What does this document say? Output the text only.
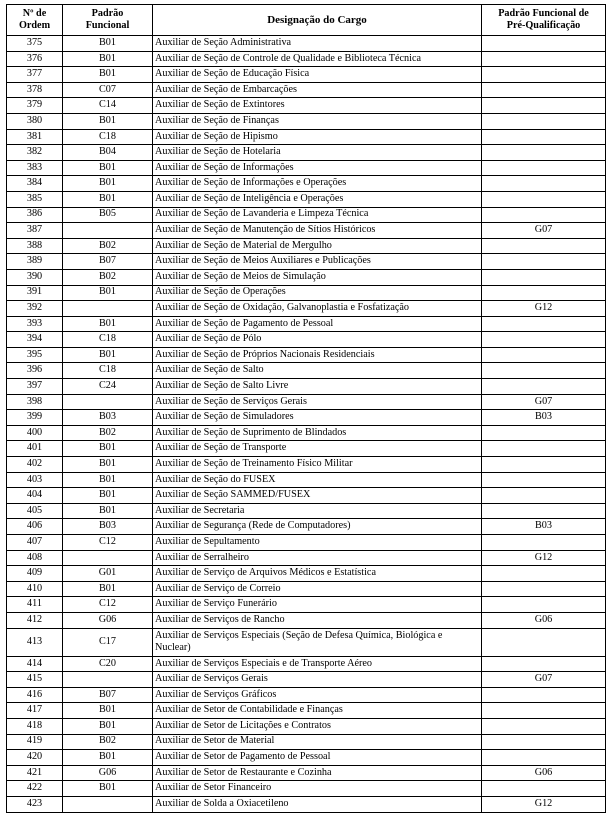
Nº de
Ordem	Padrão
Funcional	Designação do Cargo	Padrão Funcional de
Pré-Qualificação
375	B01	Auxiliar de Seção Administrativa	
376	B01	Auxiliar de Seção de Controle de Qualidade e Biblioteca Técnica	
377	B01	Auxiliar de Seção de Educação Física	
378	C07	Auxiliar de Seção de Embarcações	
379	C14	Auxiliar de Seção de Extintores	
380	B01	Auxiliar de Seção de Finanças	
381	C18	Auxiliar de Seção de Hipismo	
382	B04	Auxiliar de Seção de Hotelaria	
383	B01	Auxiliar de Seção de Informações	
384	B01	Auxiliar de Seção de Informações e Operações	
385	B01	Auxiliar de Seção de Inteligência e Operações	
386	B05	Auxiliar de Seção de Lavanderia e Limpeza Técnica	
387		Auxiliar de Seção de Manutenção de Sítios Históricos	G07
388	B02	Auxiliar de Seção de Material de Mergulho	
389	B07	Auxiliar de Seção de Meios Auxiliares e Publicações	
390	B02	Auxiliar de Seção de Meios de Simulação	
391	B01	Auxiliar de Seção de Operações	
392		Auxiliar de Seção de Oxidação, Galvanoplastia e Fosfatização	G12
393	B01	Auxiliar de Seção de Pagamento de Pessoal	
394	C18	Auxiliar de Seção de Pólo	
395	B01	Auxiliar de Seção de Próprios Nacionais Residenciais	
396	C18	Auxiliar de Seção de Salto	
397	C24	Auxiliar de Seção de Salto Livre	
398		Auxiliar de Seção de Serviços Gerais	G07
399	B03	Auxiliar de Seção de Simuladores	B03
400	B02	Auxiliar de Seção de Suprimento de Blindados	
401	B01	Auxiliar de Seção de Transporte	
402	B01	Auxiliar de Seção de Treinamento Físico Militar	
403	B01	Auxiliar de Seção do FUSEX	
404	B01	Auxiliar de Seção SAMMED/FUSEX	
405	B01	Auxiliar de Secretaria	
406	B03	Auxiliar de Segurança (Rede de Computadores)	B03
407	C12	Auxiliar de Sepultamento	
408		Auxiliar de Serralheiro	G12
409	G01	Auxiliar de Serviço de Arquivos Médicos e Estatística	
410	B01	Auxiliar de Serviço de Correio	
411	C12	Auxiliar de Serviço Funerário	
412	G06	Auxiliar de Serviços de Rancho	G06
413	C17	Auxiliar de Serviços Especiais (Seção de Defesa Química, Biológica e Nuclear)	
414	C20	Auxiliar de Serviços Especiais e de Transporte Aéreo	
415		Auxiliar de Serviços Gerais	G07
416	B07	Auxiliar de Serviços Gráficos	
417	B01	Auxiliar de Setor de Contabilidade e Finanças	
418	B01	Auxiliar de Setor de Licitações e Contratos	
419	B02	Auxiliar de Setor de Material	
420	B01	Auxiliar de Setor de Pagamento de Pessoal	
421	G06	Auxiliar de Setor de Restaurante e Cozinha	G06
422	B01	Auxiliar de Setor Financeiro	
423		Auxiliar de Solda a Oxiacetileno	G12
